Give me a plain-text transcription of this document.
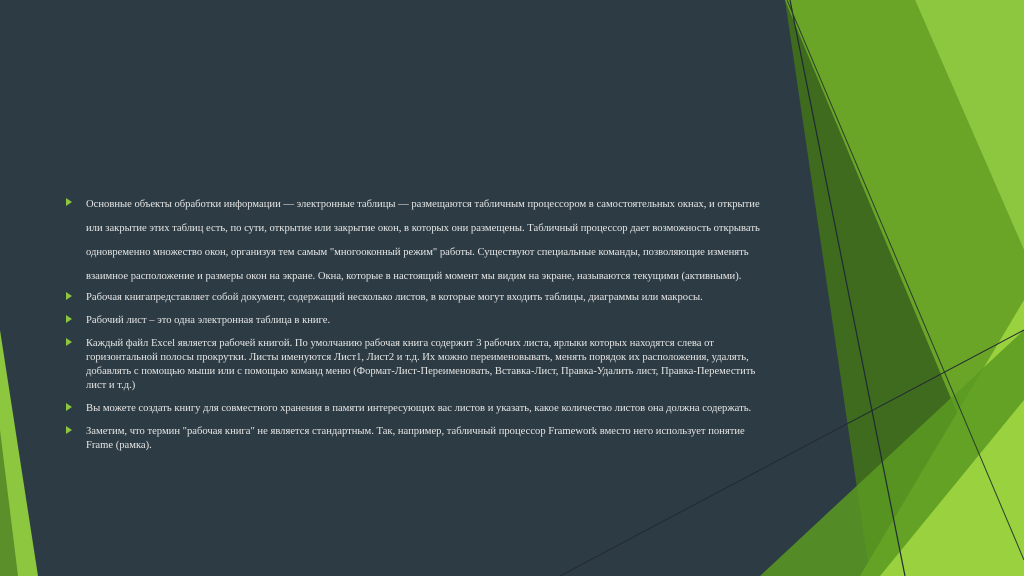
Основные объекты обработки информации — электронные таблицы — размещаются табличным процессором в самостоятельных окнах, и открытие или закрытие этих таблиц есть, по сути, открытие или закрытие окон, в которых они размещены. Табличный процессор дает возможность открывать одновременно множество окон, организуя тем самым "многооконный режим" работы. Существуют специальные команды, позволяющие изменять взаимное расположение и размеры окон на экране. Окна, которые в настоящий момент мы видим на экране, называются текущими (активными).
Рабочая книгапредставляет собой документ, содержащий несколько листов, в которые могут входить таблицы, диаграммы или макросы.
Рабочий лист – это одна электронная таблица в книге.
Каждый файл Excel является рабочей книгой. По умолчанию рабочая книга содержит 3 рабочих листа, ярлыки которых находятся слева от горизонтальной полосы прокрутки. Листы именуются Лист1, Лист2 и т.д. Их можно переименовывать, менять порядок их расположения, удалять, добавлять с помощью мыши или с помощью команд меню (Формат-Лист-Переименовать, Вставка-Лист, Правка-Удалить лист, Правка-Переместить лист и т.д.)
Вы можете создать книгу для совместного хранения в памяти интересующих вас листов и указать, какое количество листов она должна содержать.
Заметим, что термин "рабочая книга" не является стандартным. Так, например, табличный процессор Framework вместо него использует понятие Frame (рамка).
